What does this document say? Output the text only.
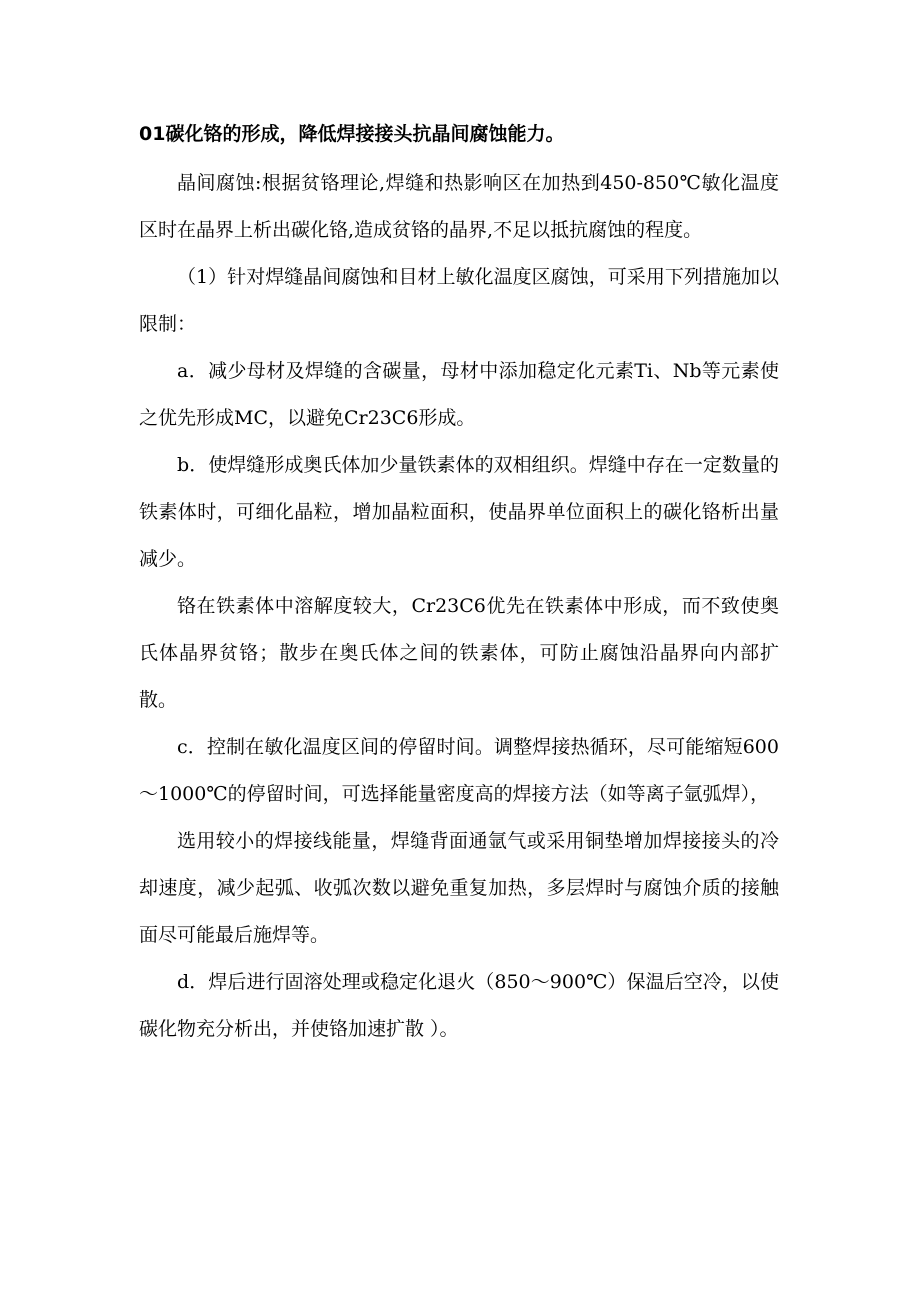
01碳化铬的形成，降低焊接接头抗晶间腐蚀能力。

晶间腐蚀:根据贫铬理论,焊缝和热影响区在加热到450-850℃敏化温度区时在晶界上析出碳化铬,造成贫铬的晶界,不足以抵抗腐蚀的程度。

（1）针对焊缝晶间腐蚀和目材上敏化温度区腐蚀，可采用下列措施加以限制：

a．减少母材及焊缝的含碳量，母材中添加稳定化元素Ti、Nb等元素使之优先形成MC，以避免Cr23C6形成。

b．使焊缝形成奥氏体加少量铁素体的双相组织。焊缝中存在一定数量的铁素体时，可细化晶粒，增加晶粒面积，使晶界单位面积上的碳化铬析出量减少。

铬在铁素体中溶解度较大，Cr23C6优先在铁素体中形成，而不致使奥氏体晶界贫铬；散步在奥氏体之间的铁素体，可防止腐蚀沿晶界向内部扩散。

c．控制在敏化温度区间的停留时间。调整焊接热循环，尽可能缩短600～1000℃的停留时间，可选择能量密度高的焊接方法（如等离子氩弧焊），

选用较小的焊接线能量，焊缝背面通氩气或采用铜垫增加焊接接头的冷却速度，减少起弧、收弧次数以避免重复加热，多层焊时与腐蚀介质的接触面尽可能最后施焊等。

d．焊后进行固溶处理或稳定化退火（850～900℃）保温后空冷，以使碳化物充分析出，并使铬加速扩散 ）。
